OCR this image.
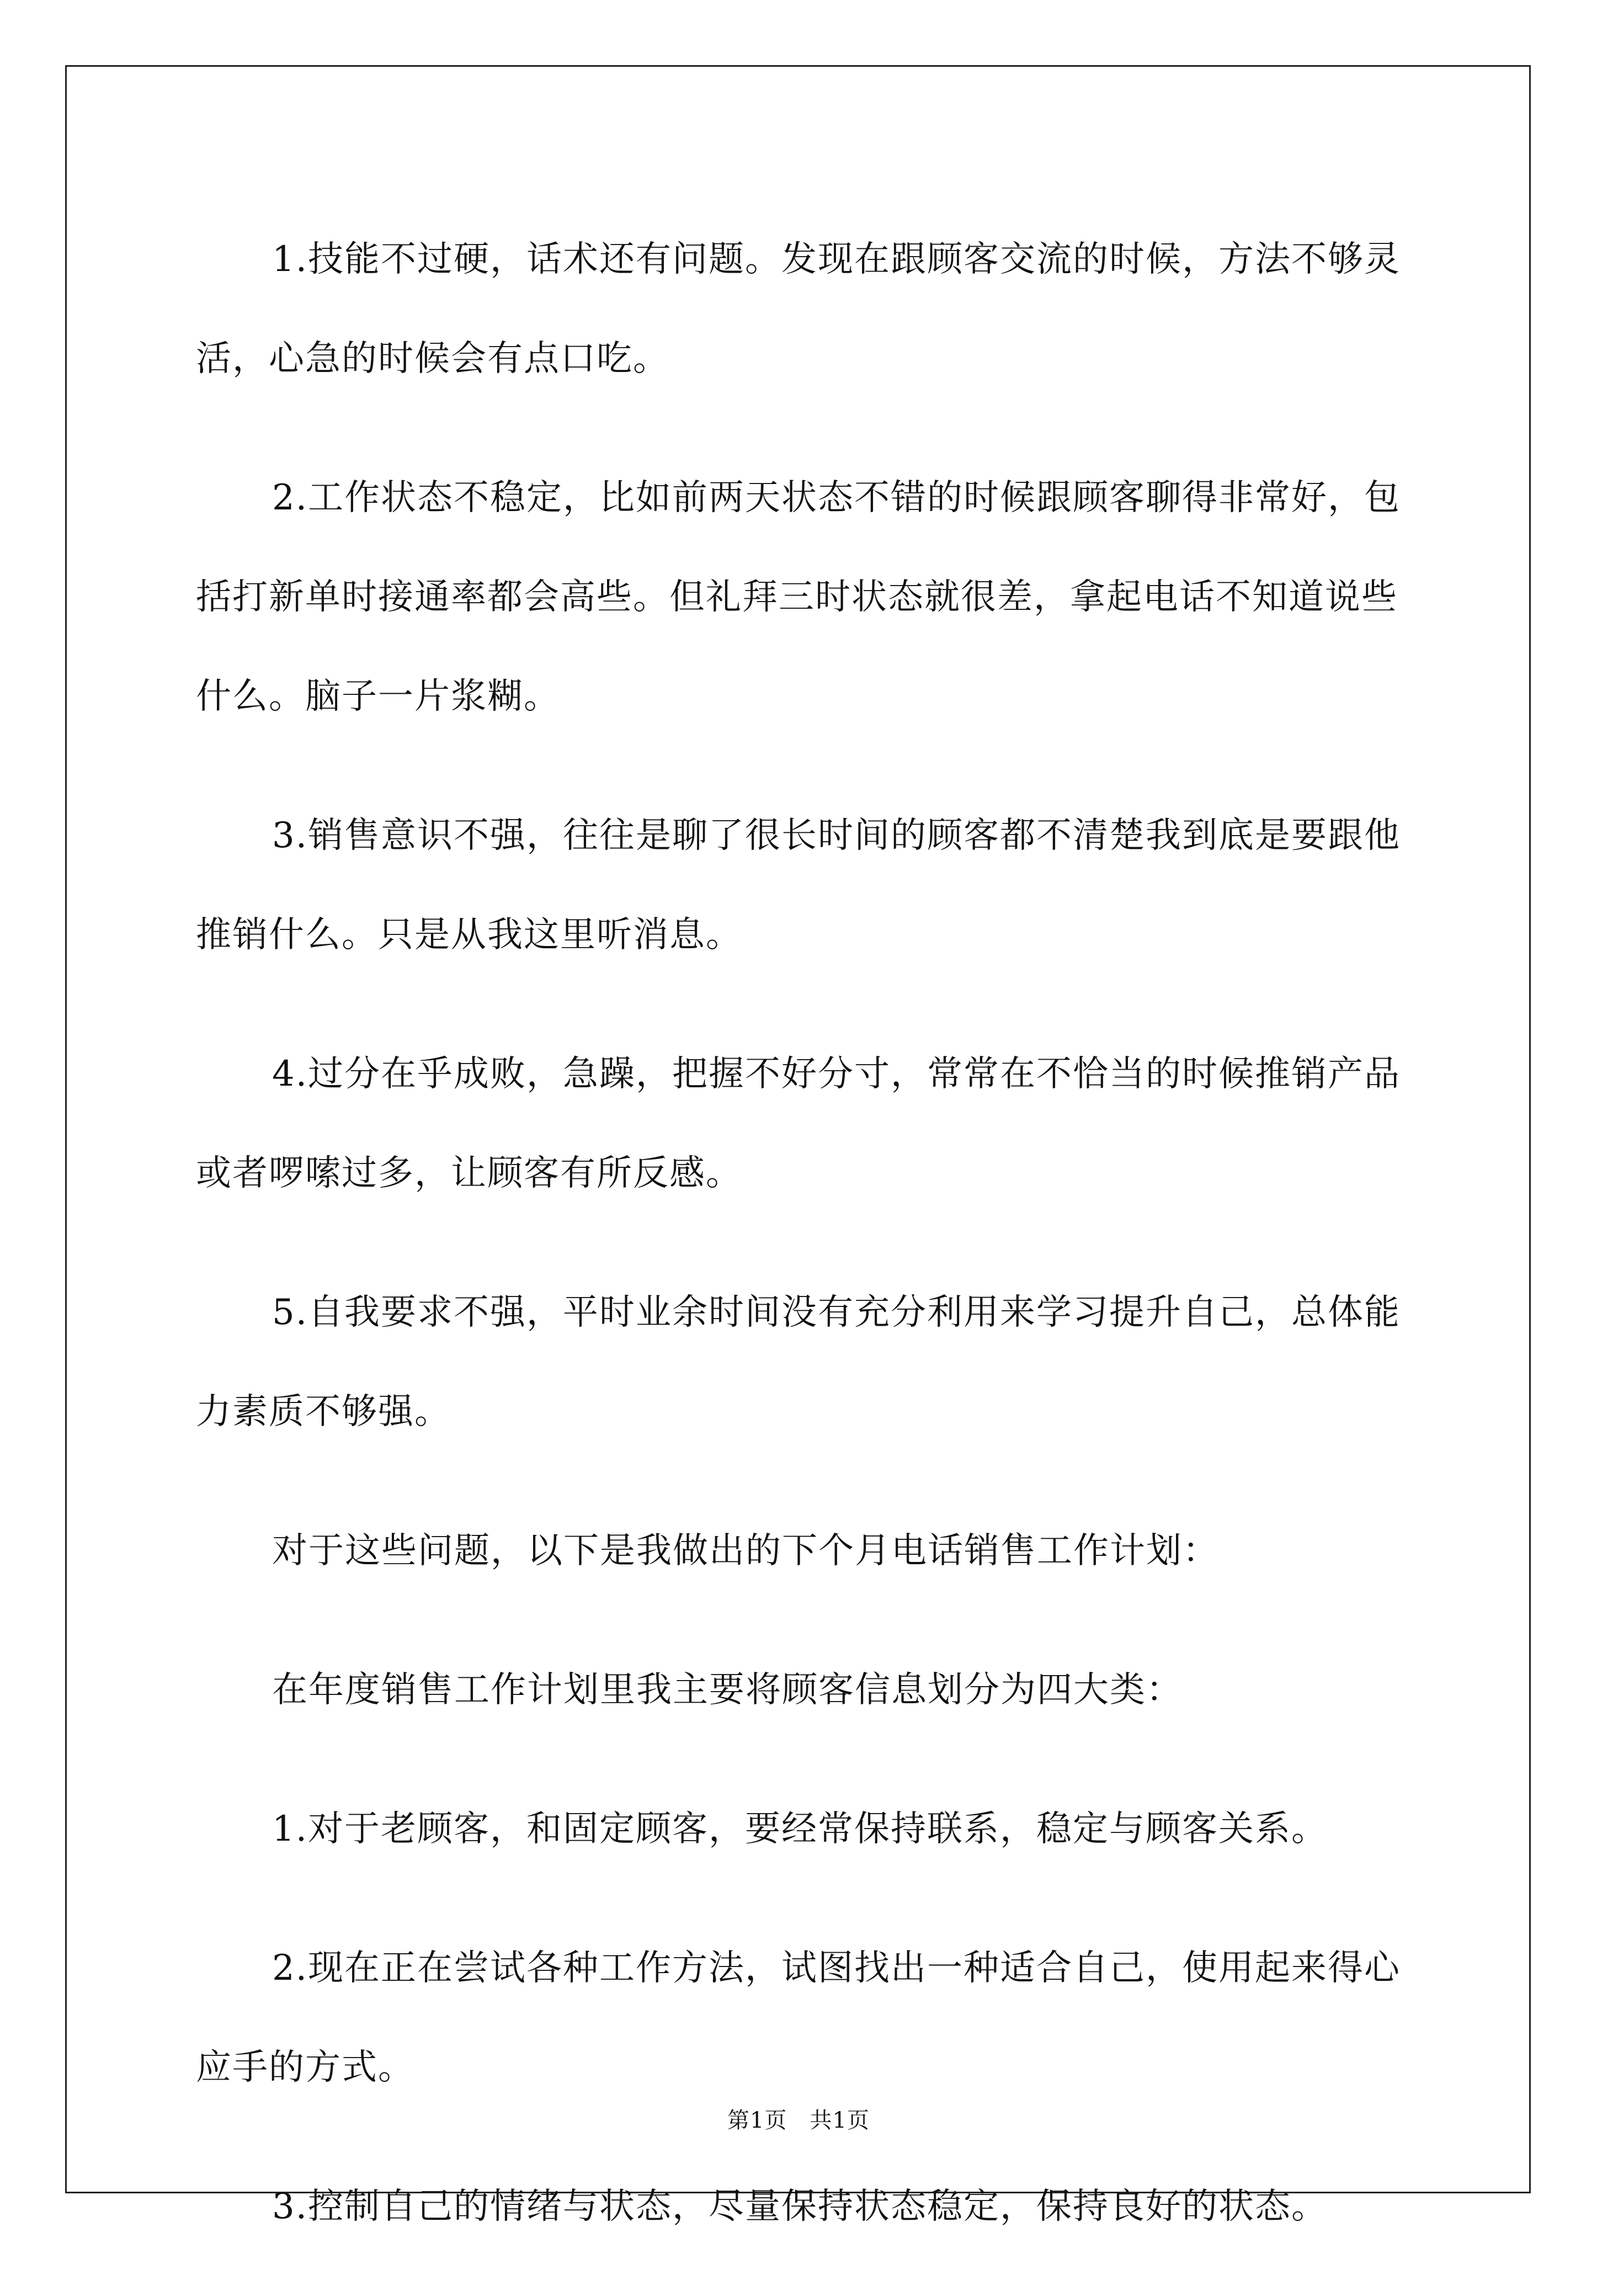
1.技能不过硬，话术还有问题。发现在跟顾客交流的时候，方法不够灵活，心急的时候会有点口吃。

2.工作状态不稳定，比如前两天状态不错的时候跟顾客聊得非常好，包括打新单时接通率都会高些。但礼拜三时状态就很差，拿起电话不知道说些什么。脑子一片浆糊。

3.销售意识不强，往往是聊了很长时间的顾客都不清楚我到底是要跟他推销什么。只是从我这里听消息。

4.过分在乎成败，急躁，把握不好分寸，常常在不恰当的时候推销产品或者啰嗦过多，让顾客有所反感。

5.自我要求不强，平时业余时间没有充分利用来学习提升自己，总体能力素质不够强。

对于这些问题，以下是我做出的下个月电话销售工作计划：

在年度销售工作计划里我主要将顾客信息划分为四大类：

1.对于老顾客，和固定顾客，要经常保持联系，稳定与顾客关系。

2.现在正在尝试各种工作方法，试图找出一种适合自己，使用起来得心应手的方式。

3.控制自己的情绪与状态，尽量保持状态稳定，保持良好的状态。

第1页　共1页
